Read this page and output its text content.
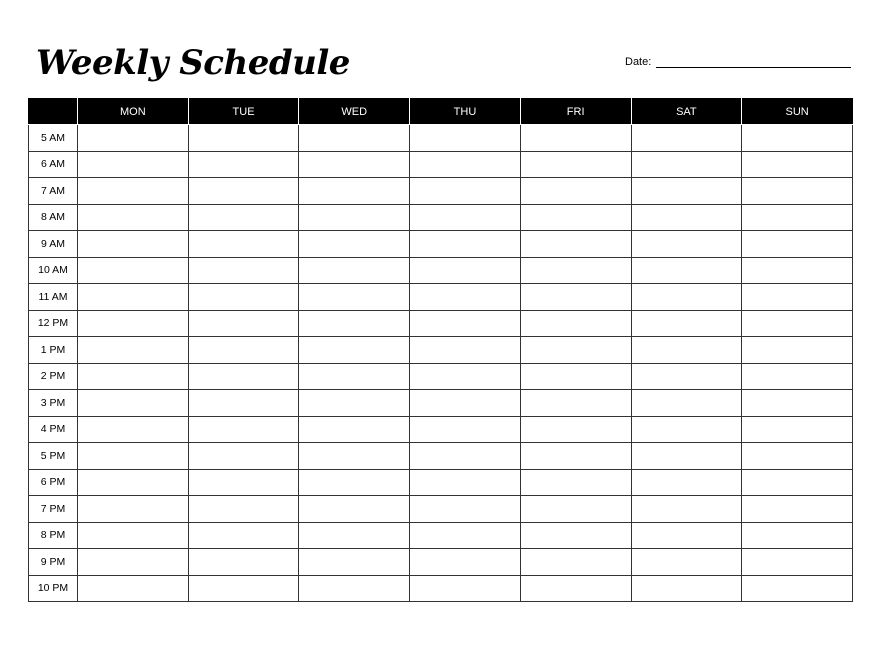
Weekly Schedule	Date:
	MON	TUE	WED	THU	FRI	SAT	SUN
5 AM							
6 AM							
7 AM							
8 AM							
9 AM							
10 AM							
11 AM							
12 PM							
1 PM							
2 PM							
3 PM							
4 PM							
5 PM							
6 PM							
7 PM							
8 PM							
9 PM							
10 PM							
